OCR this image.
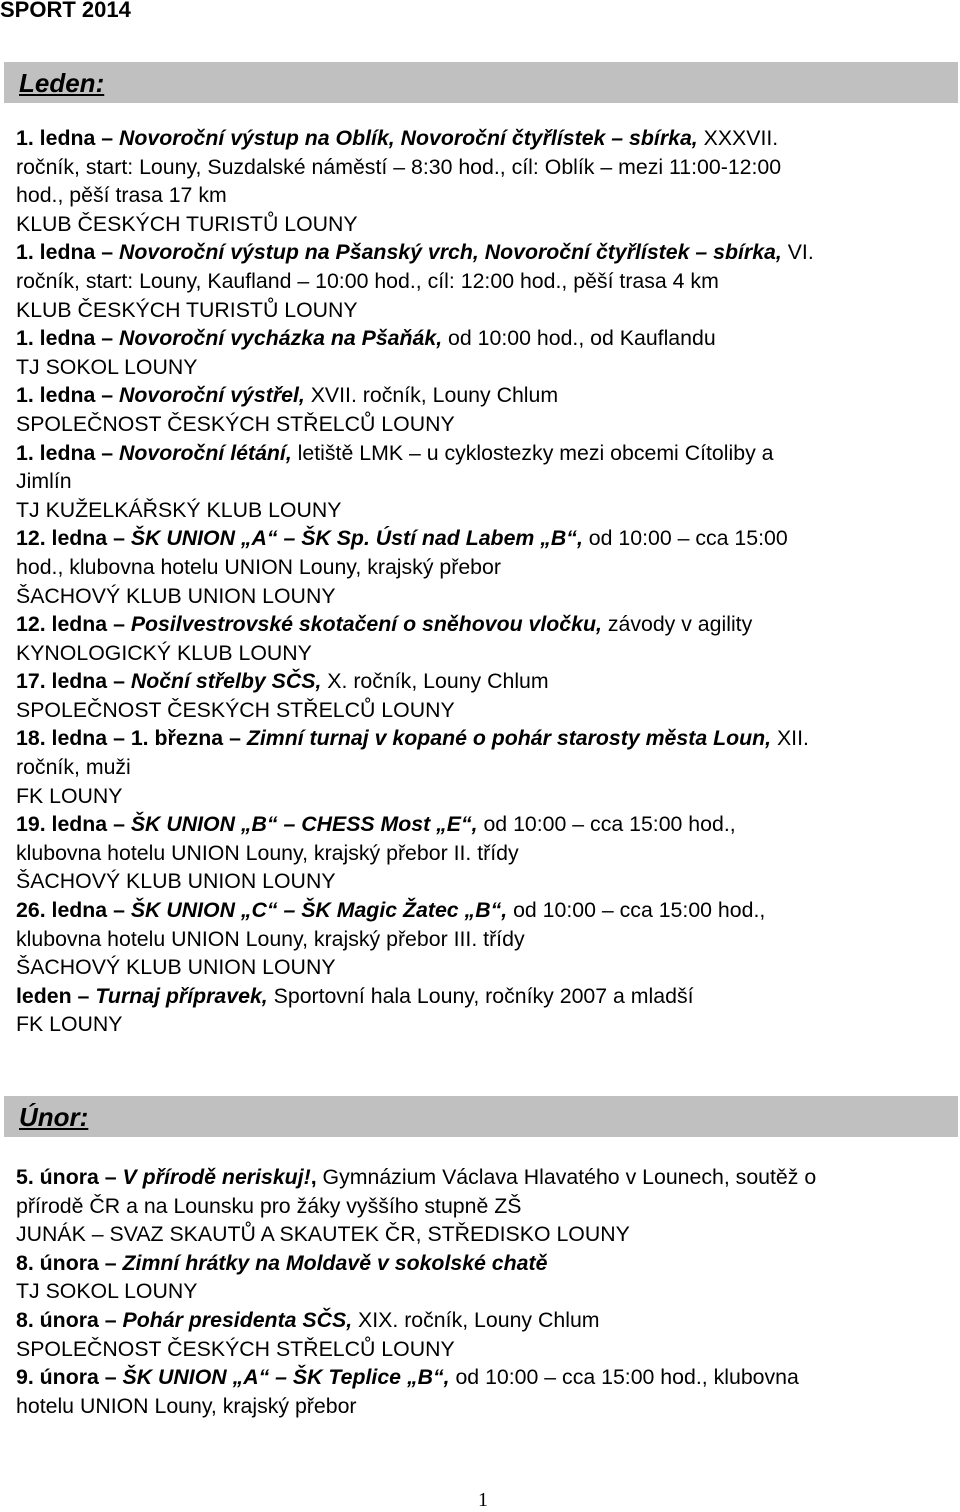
SPORT 2014
Leden:

1. ledna – Novoroční výstup na Oblík, Novoroční čtyřlístek – sbírka, XXXVII.

ročník, start: Louny, Suzdalské náměstí – 8:30 hod., cíl: Oblík – mezi 11:00-12:00

hod., pěší trasa 17 km

KLUB ČESKÝCH TURISTŮ LOUNY

1. ledna – Novoroční výstup na Pšanský vrch, Novoroční čtyřlístek – sbírka, VI.

ročník, start: Louny, Kaufland – 10:00 hod., cíl: 12:00 hod., pěší trasa 4 km

KLUB ČESKÝCH TURISTŮ LOUNY

1. ledna – Novoroční vycházka na Pšaňák, od 10:00 hod., od Kauflandu

TJ SOKOL LOUNY

1. ledna – Novoroční výstřel, XVII. ročník, Louny Chlum

SPOLEČNOST ČESKÝCH STŘELCŮ LOUNY

1. ledna – Novoroční létání, letiště LMK – u cyklostezky mezi obcemi Cítoliby a

Jimlín

TJ KUŽELKÁŘSKÝ KLUB LOUNY

12. ledna – ŠK UNION „A“ – ŠK Sp. Ústí nad Labem „B“, od 10:00 – cca 15:00

hod., klubovna hotelu UNION Louny, krajský přebor

ŠACHOVÝ KLUB UNION LOUNY

12. ledna – Posilvestrovské skotačení o sněhovou vločku, závody v agility

KYNOLOGICKÝ KLUB LOUNY

17. ledna – Noční střelby SČS, X. ročník, Louny Chlum

SPOLEČNOST ČESKÝCH STŘELCŮ LOUNY

18. ledna – 1. března – Zimní turnaj v kopané o pohár starosty města Loun, XII.

ročník, muži

FK LOUNY

19. ledna – ŠK UNION „B“ – CHESS Most „E“, od 10:00 – cca 15:00 hod.,

klubovna hotelu UNION Louny, krajský přebor II. třídy

ŠACHOVÝ KLUB UNION LOUNY

26. ledna – ŠK UNION „C“ – ŠK Magic Žatec „B“, od 10:00 – cca 15:00 hod.,

klubovna hotelu UNION Louny, krajský přebor III. třídy

ŠACHOVÝ KLUB UNION LOUNY

leden – Turnaj přípravek, Sportovní hala Louny, ročníky 2007 a mladší

FK LOUNY

Únor:

5. února – V přírodě neriskuj!, Gymnázium Václava Hlavatého v Lounech, soutěž o

přírodě ČR a na Lounsku pro žáky vyššího stupně ZŠ

JUNÁK – SVAZ SKAUTŮ A SKAUTEK ČR, STŘEDISKO LOUNY

8. února – Zimní hrátky na Moldavě v sokolské chatě

TJ SOKOL LOUNY

8. února – Pohár presidenta SČS, XIX. ročník, Louny Chlum

SPOLEČNOST ČESKÝCH STŘELCŮ LOUNY

9. února – ŠK UNION „A“ – ŠK Teplice „B“, od 10:00 – cca 15:00 hod., klubovna

hotelu UNION Louny, krajský přebor

1
